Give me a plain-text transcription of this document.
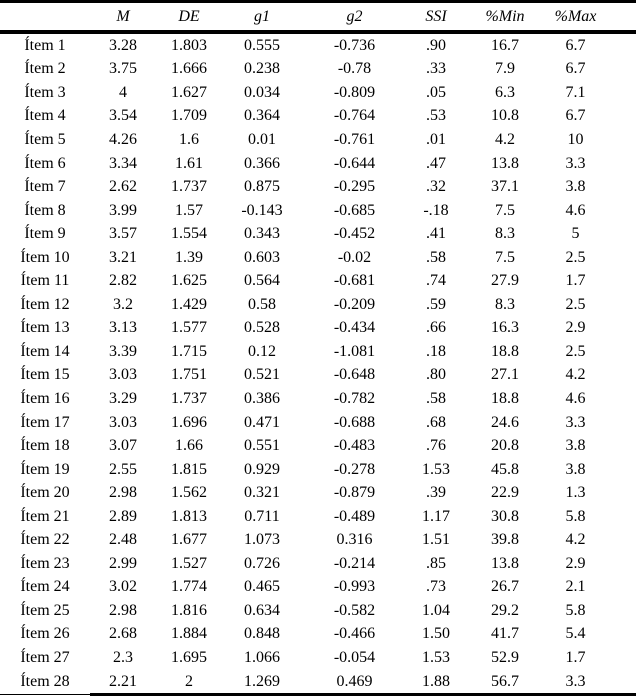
	M	DE	g1	g2	SSI	%Min	%Max
Ítem 1	3.28	1.803	0.555	-0.736	.90	16.7	6.7
Ítem 2	3.75	1.666	0.238	-0.78	.33	7.9	6.7
Ítem 3	4	1.627	0.034	-0.809	.05	6.3	7.1
Ítem 4	3.54	1.709	0.364	-0.764	.53	10.8	6.7
Ítem 5	4.26	1.6	0.01	-0.761	.01	4.2	10
Ítem 6	3.34	1.61	0.366	-0.644	.47	13.8	3.3
Ítem 7	2.62	1.737	0.875	-0.295	.32	37.1	3.8
Ítem 8	3.99	1.57	-0.143	-0.685	-.18	7.5	4.6
Ítem 9	3.57	1.554	0.343	-0.452	.41	8.3	5
Ítem 10	3.21	1.39	0.603	-0.02	.58	7.5	2.5
Ítem 11	2.82	1.625	0.564	-0.681	.74	27.9	1.7
Ítem 12	3.2	1.429	0.58	-0.209	.59	8.3	2.5
Ítem 13	3.13	1.577	0.528	-0.434	.66	16.3	2.9
Ítem 14	3.39	1.715	0.12	-1.081	.18	18.8	2.5
Ítem 15	3.03	1.751	0.521	-0.648	.80	27.1	4.2
Ítem 16	3.29	1.737	0.386	-0.782	.58	18.8	4.6
Ítem 17	3.03	1.696	0.471	-0.688	.68	24.6	3.3
Ítem 18	3.07	1.66	0.551	-0.483	.76	20.8	3.8
Ítem 19	2.55	1.815	0.929	-0.278	1.53	45.8	3.8
Ítem 20	2.98	1.562	0.321	-0.879	.39	22.9	1.3
Ítem 21	2.89	1.813	0.711	-0.489	1.17	30.8	5.8
Ítem 22	2.48	1.677	1.073	0.316	1.51	39.8	4.2
Ítem 23	2.99	1.527	0.726	-0.214	.85	13.8	2.9
Ítem 24	3.02	1.774	0.465	-0.993	.73	26.7	2.1
Ítem 25	2.98	1.816	0.634	-0.582	1.04	29.2	5.8
Ítem 26	2.68	1.884	0.848	-0.466	1.50	41.7	5.4
Ítem 27	2.3	1.695	1.066	-0.054	1.53	52.9	1.7
Ítem 28	2.21	2	1.269	0.469	1.88	56.7	3.3
